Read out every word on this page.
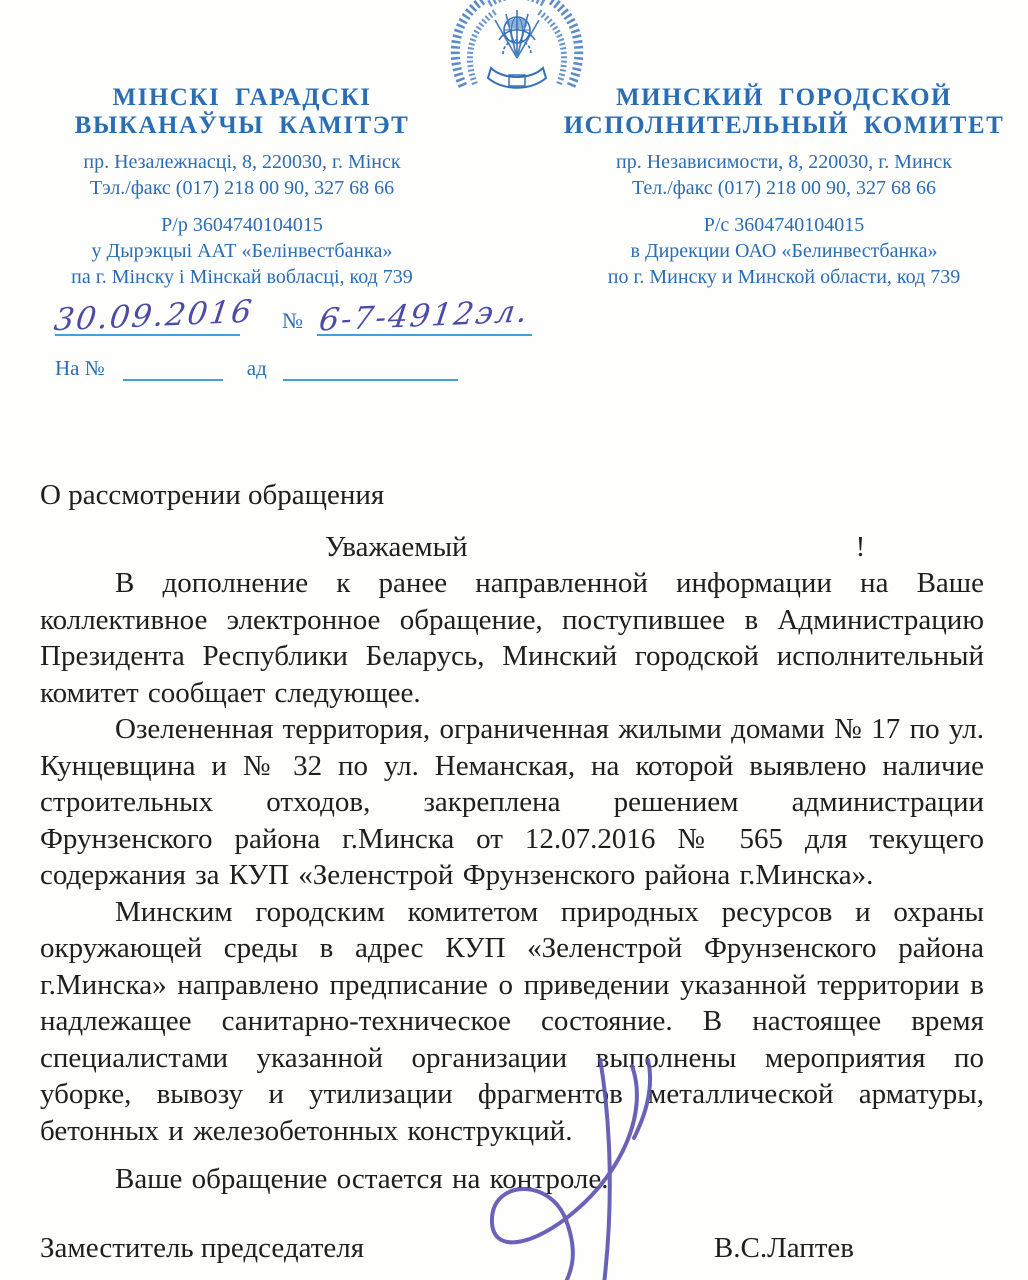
МІНСКІ ГАРАДСКІ
ВЫКАНАЎЧЫ КАМІТЭТ
пр. Незалежнасці, 8, 220030, г. Мінск
Тэл./факс (017) 218 00 90, 327 68 66
Р/р 3604740104015
у Дырэкцыі ААТ «Белінвестбанка»
па г. Мінску і Мінскай вобласці, код 739
МИНСКИЙ ГОРОДСКОЙ
ИСПОЛНИТЕЛЬНЫЙ КОМИТЕТ
пр. Независимости, 8, 220030, г. Минск
Тел./факс (017) 218 00 90, 327 68 66
Р/с 3604740104015
в Дирекции ОАО «Белинвестбанка»
по г. Минску и Минской области, код 739
30.09.2016 № 6-7-4912эл.
На №	ад
О рассмотрении обращения
Уважаемый	!

В дополнение к ранее направленной информации на Ваше коллективное электронное обращение, поступившее в Администрацию Президента Республики Беларусь, Минский городской исполнительный комитет сообщает следующее.

Озелененная территория, ограниченная жилыми домами № 17 по ул. Кунцевщина и № 32 по ул. Неманская, на которой выявлено наличие строительных отходов, закреплена решением администрации Фрунзенского района г.Минска от 12.07.2016 № 565 для текущего содержания за КУП «Зеленстрой Фрунзенского района г.Минска».

Минским городским комитетом природных ресурсов и охраны окружающей среды в адрес КУП «Зеленстрой Фрунзенского района г.Минска» направлено предписание о приведении указанной территории в надлежащее санитарно-техническое состояние. В настоящее время специалистами указанной организации выполнены мероприятия по уборке, вывозу и утилизации фрагментов металлической арматуры, бетонных и железобетонных конструкций.

Ваше обращение остается на контроле.

Заместитель председателя	В.С.Лаптев
